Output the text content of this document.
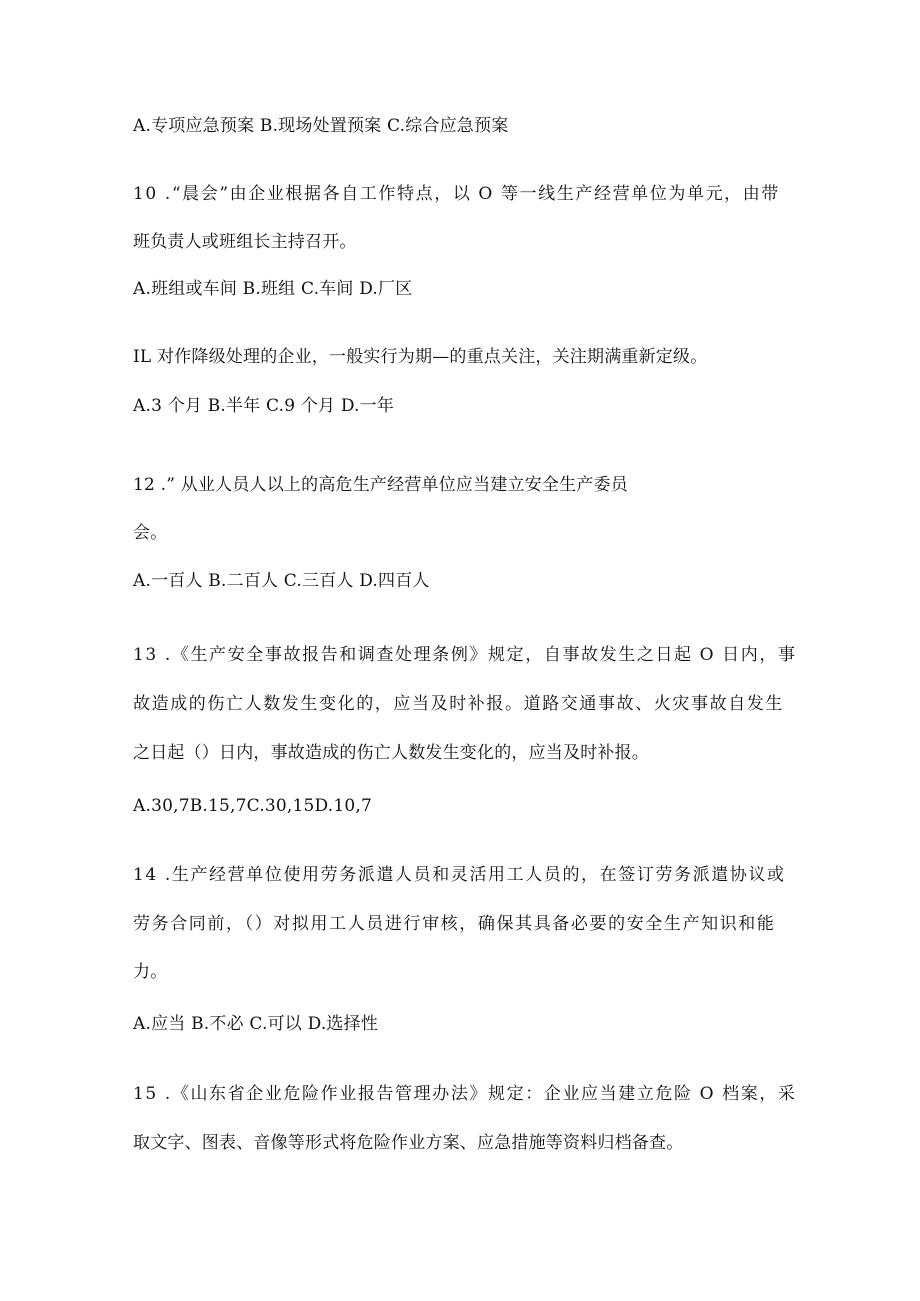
A.专项应急预案 B.现场处置预案 C.综合应急预案
10 .“晨会”由企业根据各自工作特点，以 O 等一线生产经营单位为单元，由带
班负责人或班组长主持召开。
A.班组或车间 B.班组 C.车间 D.厂区
IL 对作降级处理的企业，一般实行为期—的重点关注，关注期满重新定级。
A.3 个月 B.半年 C.9 个月 D.一年
12 .” 从业人员人以上的高危生产经营单位应当建立安全生产委员
会。
A.一百人 B.二百人 C.三百人 D.四百人
13 .《生产安全事故报告和调查处理条例》规定，自事故发生之日起 O 日内，事
故造成的伤亡人数发生变化的，应当及时补报。道路交通事故、火灾事故自发生
之日起（）日内，事故造成的伤亡人数发生变化的，应当及时补报。
A.30,7B.15,7C.30,15D.10,7
14 .生产经营单位使用劳务派遣人员和灵活用工人员的，在签订劳务派遣协议或
劳务合同前，（）对拟用工人员进行审核，确保其具备必要的安全生产知识和能
力。
A.应当 B.不必 C.可以 D.选择性
15 .《山东省企业危险作业报告管理办法》规定：企业应当建立危险 O 档案，采
取文字、图表、音像等形式将危险作业方案、应急措施等资料归档备查。
